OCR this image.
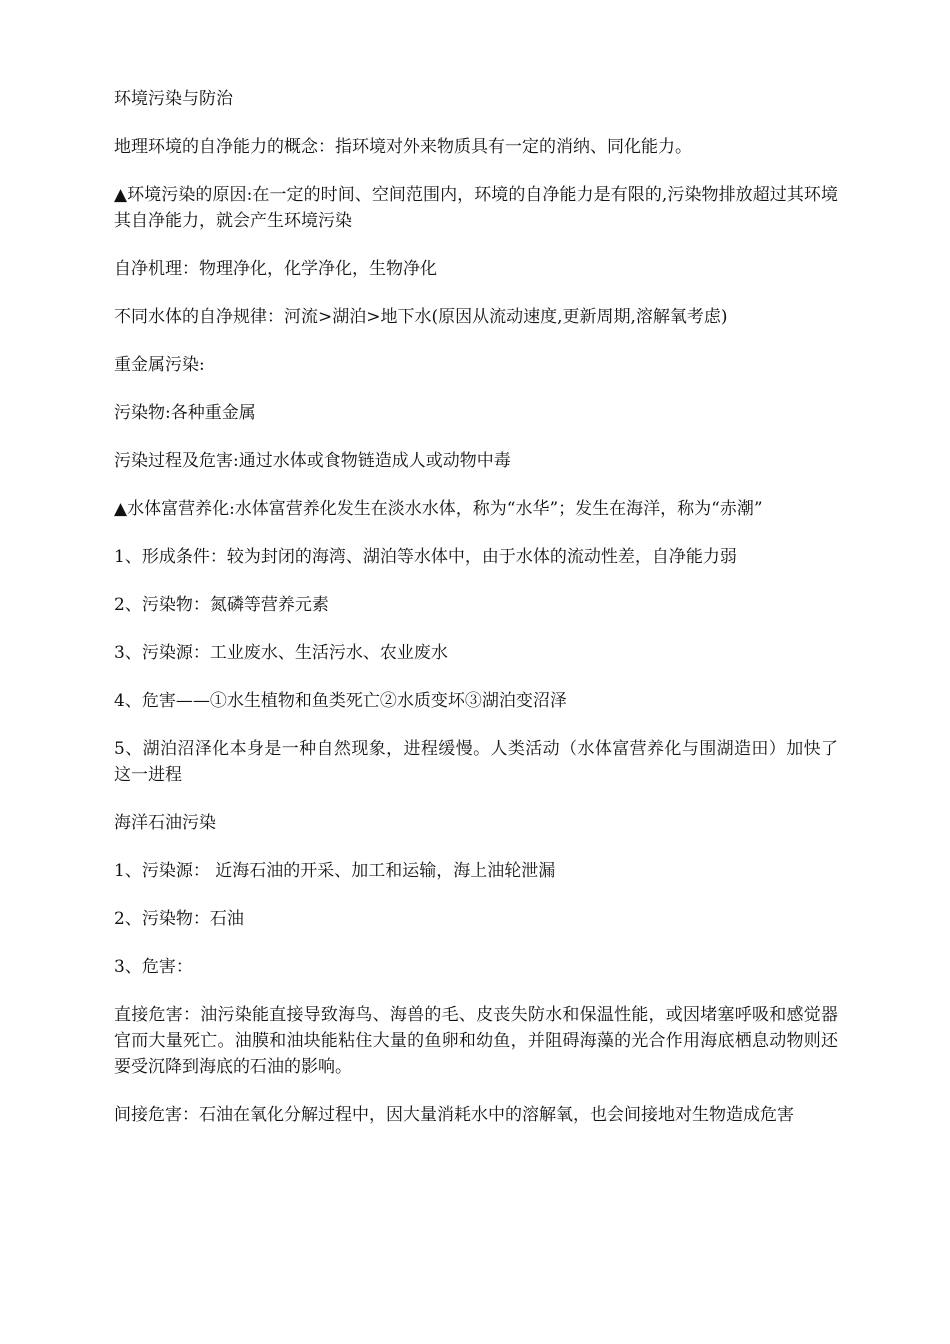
环境污染与防治

地理环境的自净能力的概念：指环境对外来物质具有一定的消纳、同化能力。

▲环境污染的原因:在一定的时间、空间范围内，环境的自净能力是有限的,污染物排放超过其环境其自净能力，就会产生环境污染

自净机理：物理净化，化学净化，生物净化

不同水体的自净规律：河流>湖泊>地下水(原因从流动速度,更新周期,溶解氧考虑)

重金属污染:

污染物:各种重金属

污染过程及危害:通过水体或食物链造成人或动物中毒

▲水体富营养化:水体富营养化发生在淡水水体，称为“水华”；发生在海洋，称为“赤潮”

1、形成条件：较为封闭的海湾、湖泊等水体中，由于水体的流动性差，自净能力弱

2、污染物：氮磷等营养元素

3、污染源：工业废水、生活污水、农业废水

4、危害——①水生植物和鱼类死亡②水质变坏③湖泊变沼泽

5、湖泊沼泽化本身是一种自然现象，进程缓慢。人类活动（水体富营养化与围湖造田）加快了这一进程

海洋石油污染

1、污染源： 近海石油的开采、加工和运输，海上油轮泄漏

2、污染物：石油

3、危害：

直接危害：油污染能直接导致海鸟、海兽的毛、皮丧失防水和保温性能，或因堵塞呼吸和感觉器官而大量死亡。油膜和油块能粘住大量的鱼卵和幼鱼，并阻碍海藻的光合作用海底栖息动物则还要受沉降到海底的石油的影响。

间接危害：石油在氧化分解过程中，因大量消耗水中的溶解氧，也会间接地对生物造成危害
